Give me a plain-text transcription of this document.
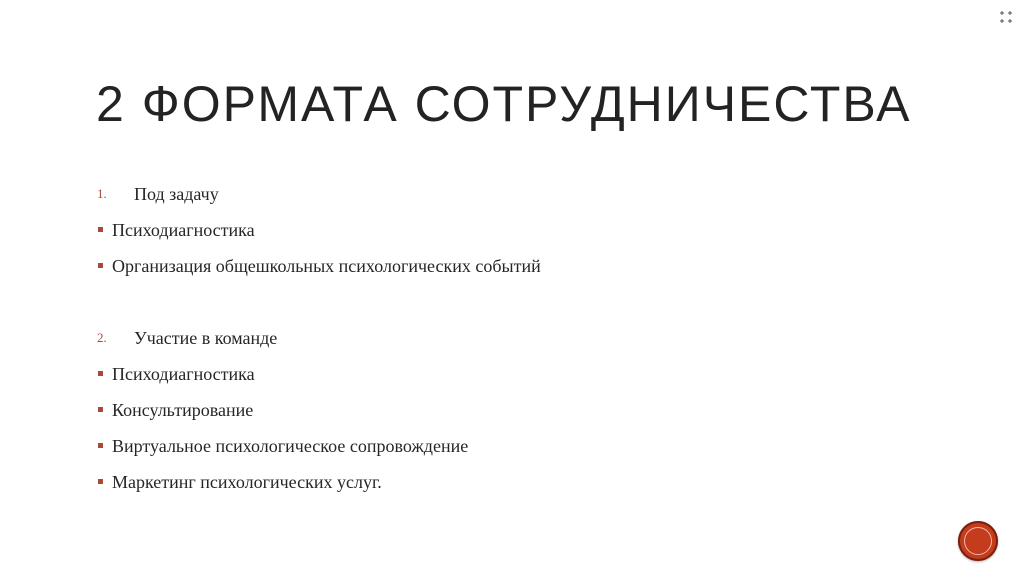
2 ФОРМАТА СОТРУДНИЧЕСТВА
1. Под задачу
Психодиагностика
Организация общешкольных психологических событий
2. Участие в команде
Психодиагностика
Консультирование
Виртуальное психологическое сопровождение
Маркетинг психологических услуг.
